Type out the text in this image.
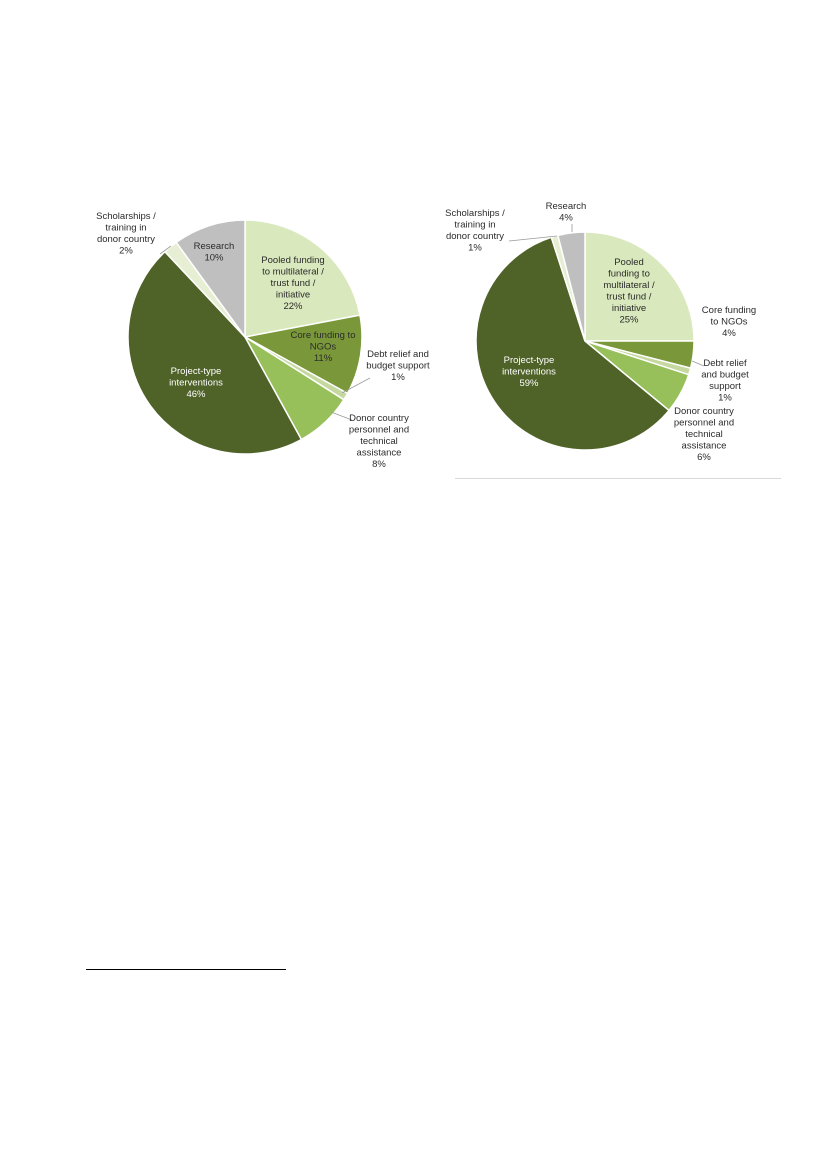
Pooled funding to multilateral / trust fund / initiative 22%
Core funding to NGOs 11%	Debt relief and budget support 1%
Donor country personnel and technical assistance 8%
Project-type interventions 46%
Scholarships / training in donor country 2%	Research 10%	Pooled funding to multilateral / trust fund / initiative 25%
Core funding to NGOs 4%
Debt relief and budget support 1%
Donor country personnel and technical assistance 6%
Project-type interventions 59%
Scholarships / training in donor country 1%
Research 4%
